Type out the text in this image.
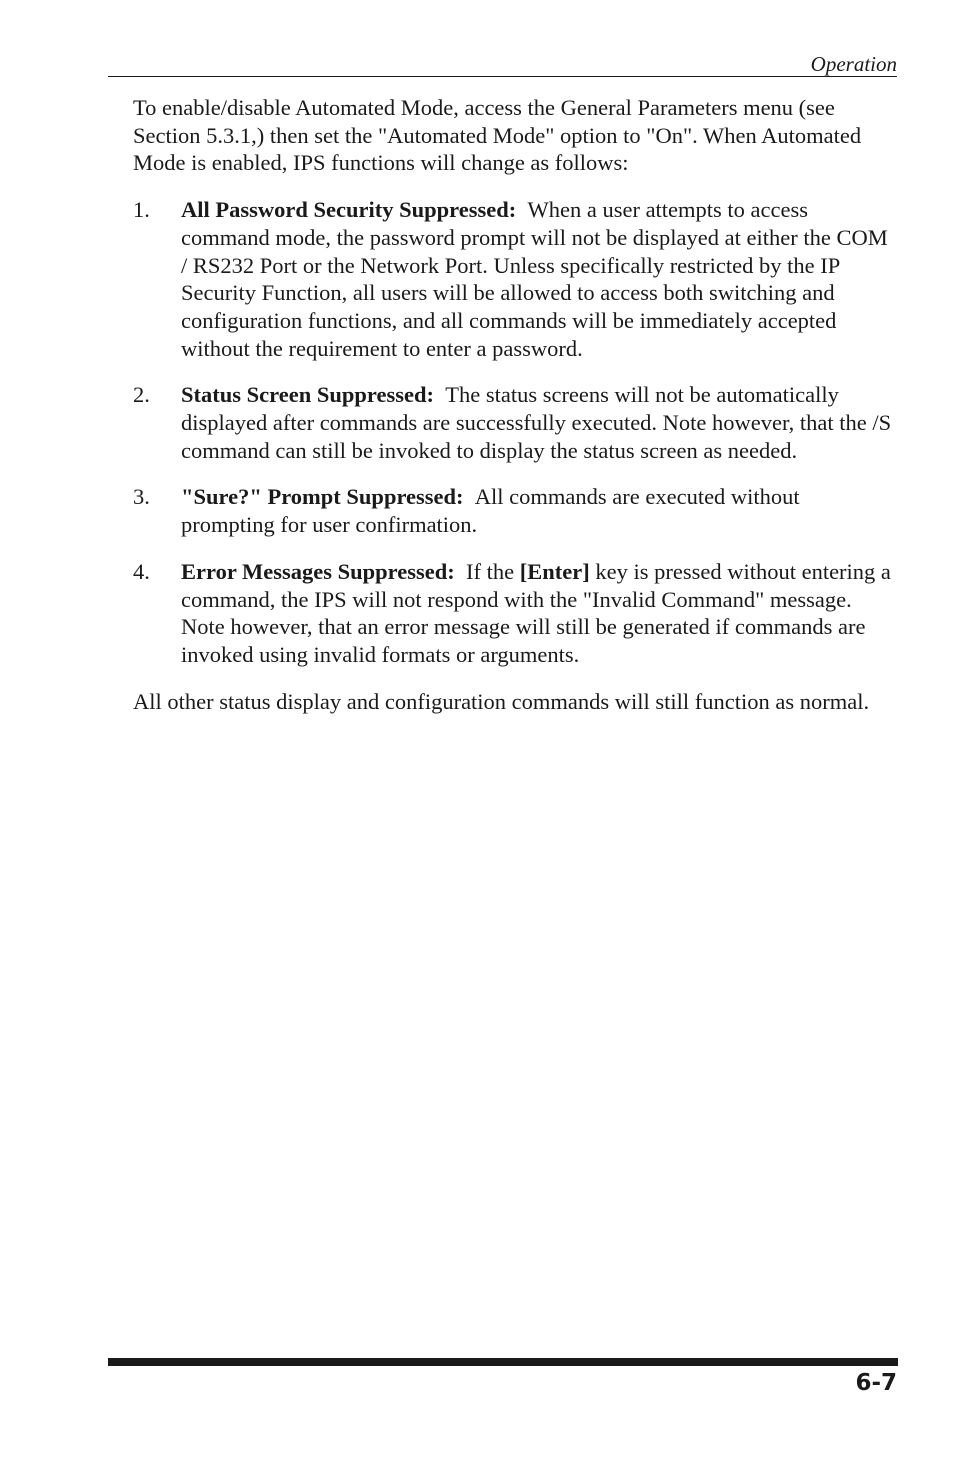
Operation

To enable/disable Automated Mode, access the General Parameters menu (see Section 5.3.1,) then set the "Automated Mode" option to "On". When Automated Mode is enabled, IPS functions will change as follows:

1. All Password Security Suppressed: When a user attempts to access command mode, the password prompt will not be displayed at either the COM / RS232 Port or the Network Port. Unless specifically restricted by the IP Security Function, all users will be allowed to access both switching and configuration functions, and all commands will be immediately accepted without the requirement to enter a password.
2. Status Screen Suppressed: The status screens will not be automatically displayed after commands are successfully executed. Note however, that the /S command can still be invoked to display the status screen as needed.
3. "Sure?" Prompt Suppressed: All commands are executed without prompting for user confirmation.
4. Error Messages Suppressed: If the [Enter] key is pressed without entering a command, the IPS will not respond with the "Invalid Command" message. Note however, that an error message will still be generated if commands are invoked using invalid formats or arguments.

All other status display and configuration commands will still function as normal.

6-7
